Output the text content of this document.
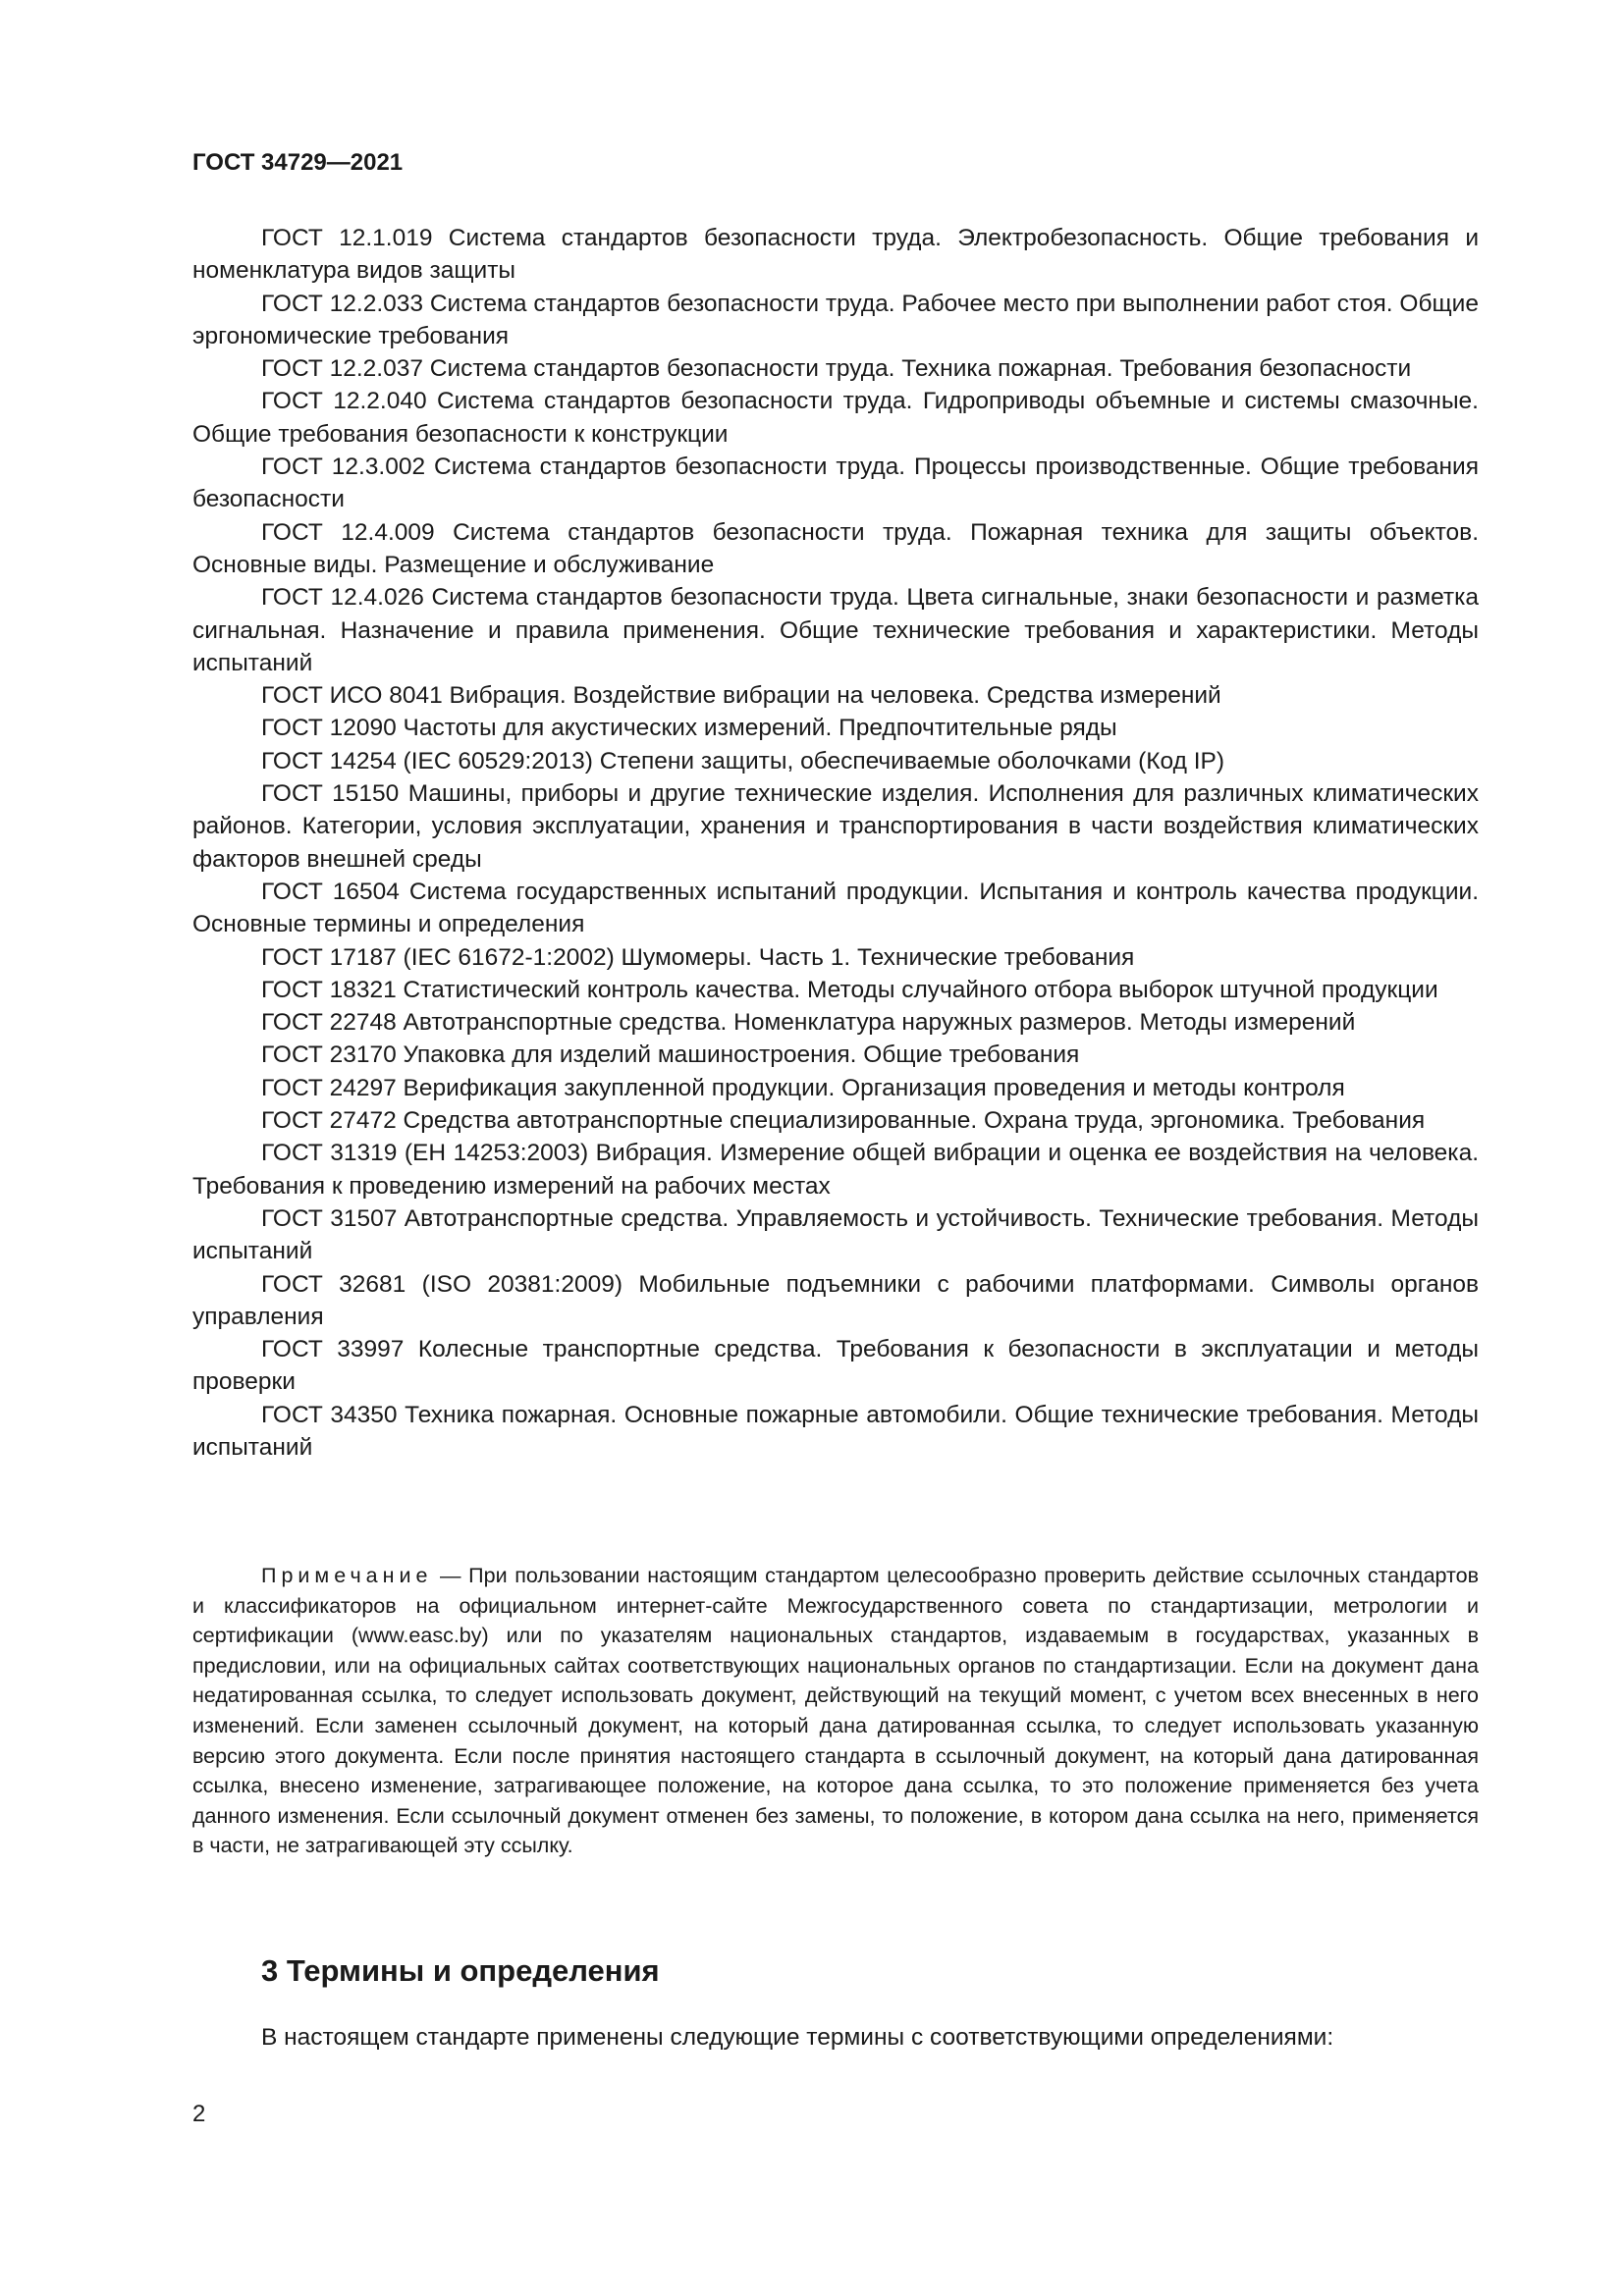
ГОСТ 34729—2021

ГОСТ 12.1.019 Система стандартов безопасности труда. Электробезопасность. Общие требования и номенклатура видов защиты

ГОСТ 12.2.033 Система стандартов безопасности труда. Рабочее место при выполнении работ стоя. Общие эргономические требования

ГОСТ 12.2.037 Система стандартов безопасности труда. Техника пожарная. Требования безопасности

ГОСТ 12.2.040 Система стандартов безопасности труда. Гидроприводы объемные и системы смазочные. Общие требования безопасности к конструкции

ГОСТ 12.3.002 Система стандартов безопасности труда. Процессы производственные. Общие требования безопасности

ГОСТ 12.4.009 Система стандартов безопасности труда. Пожарная техника для защиты объектов. Основные виды. Размещение и обслуживание

ГОСТ 12.4.026 Система стандартов безопасности труда. Цвета сигнальные, знаки безопасности и разметка сигнальная. Назначение и правила применения. Общие технические требования и характеристики. Методы испытаний

ГОСТ ИСО 8041 Вибрация. Воздействие вибрации на человека. Средства измерений

ГОСТ 12090 Частоты для акустических измерений. Предпочтительные ряды

ГОСТ 14254 (IEC 60529:2013) Степени защиты, обеспечиваемые оболочками (Код IP)

ГОСТ 15150 Машины, приборы и другие технические изделия. Исполнения для различных климатических районов. Категории, условия эксплуатации, хранения и транспортирования в части воздействия климатических факторов внешней среды

ГОСТ 16504 Система государственных испытаний продукции. Испытания и контроль качества продукции. Основные термины и определения

ГОСТ 17187 (IEC 61672-1:2002) Шумомеры. Часть 1. Технические требования

ГОСТ 18321 Статистический контроль качества. Методы случайного отбора выборок штучной продукции

ГОСТ 22748 Автотранспортные средства. Номенклатура наружных размеров. Методы измерений

ГОСТ 23170 Упаковка для изделий машиностроения. Общие требования

ГОСТ 24297 Верификация закупленной продукции. Организация проведения и методы контроля

ГОСТ 27472 Средства автотранспортные специализированные. Охрана труда, эргономика. Требования

ГОСТ 31319 (ЕН 14253:2003) Вибрация. Измерение общей вибрации и оценка ее воздействия на человека. Требования к проведению измерений на рабочих местах

ГОСТ 31507 Автотранспортные средства. Управляемость и устойчивость. Технические требования. Методы испытаний

ГОСТ 32681 (ISO 20381:2009) Мобильные подъемники с рабочими платформами. Символы органов управления

ГОСТ 33997 Колесные транспортные средства. Требования к безопасности в эксплуатации и методы проверки

ГОСТ 34350 Техника пожарная. Основные пожарные автомобили. Общие технические требования. Методы испытаний

Примечание — При пользовании настоящим стандартом целесообразно проверить действие ссылочных стандартов и классификаторов на официальном интернет-сайте Межгосударственного совета по стандартизации, метрологии и сертификации (www.easc.by) или по указателям национальных стандартов, издаваемым в государствах, указанных в предисловии, или на официальных сайтах соответствующих национальных органов по стандартизации. Если на документ дана недатированная ссылка, то следует использовать документ, действующий на текущий момент, с учетом всех внесенных в него изменений. Если заменен ссылочный документ, на который дана датированная ссылка, то следует использовать указанную версию этого документа. Если после принятия настоящего стандарта в ссылочный документ, на который дана датированная ссылка, внесено изменение, затрагивающее положение, на которое дана ссылка, то это положение применяется без учета данного изменения. Если ссылочный документ отменен без замены, то положение, в котором дана ссылка на него, применяется в части, не затрагивающей эту ссылку.

3 Термины и определения

В настоящем стандарте применены следующие термины с соответствующими определениями:

2
